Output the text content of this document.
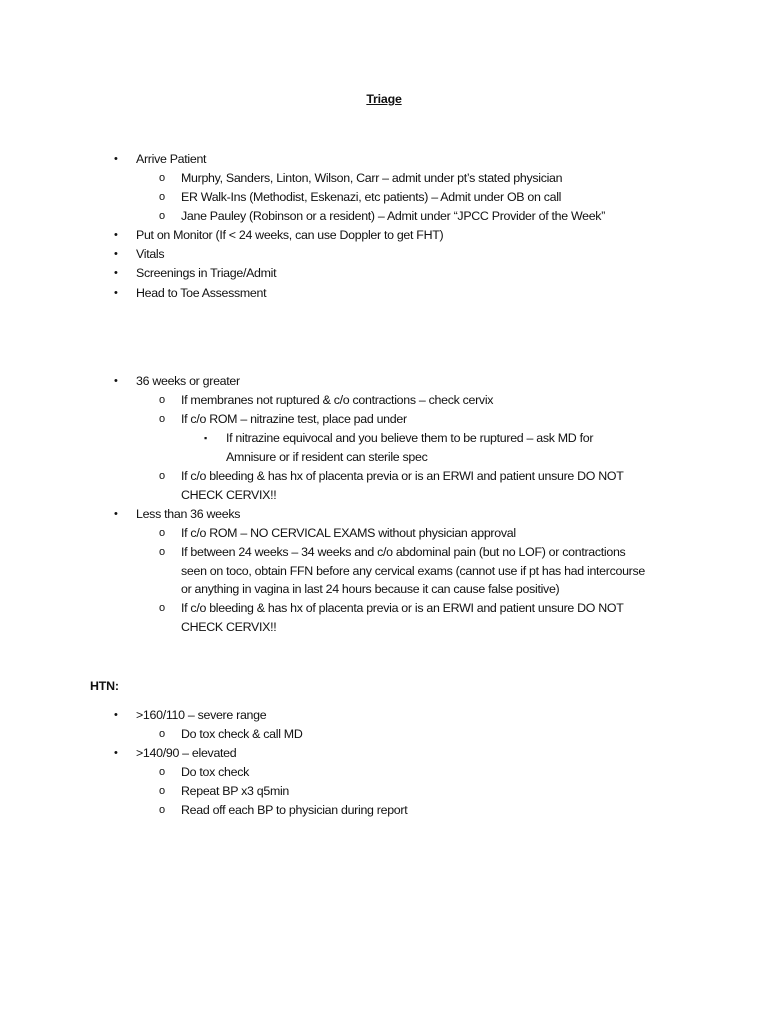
Triage
• Arrive Patient
o Murphy, Sanders, Linton, Wilson, Carr – admit under pt’s stated physician
o ER Walk-Ins (Methodist, Eskenazi, etc patients) – Admit under OB on call
o Jane Pauley (Robinson or a resident) – Admit under “JPCC Provider of the Week”
• Put on Monitor (If < 24 weeks, can use Doppler to get FHT)
• Vitals
• Screenings in Triage/Admit
• Head to Toe Assessment
• 36 weeks or greater
o If membranes not ruptured & c/o contractions – check cervix
o If c/o ROM – nitrazine test, place pad under
▪ If nitrazine equivocal and you believe them to be ruptured – ask MD for
Amnisure or if resident can sterile spec
o If c/o bleeding & has hx of placenta previa or is an ERWI and patient unsure DO NOT
CHECK CERVIX!!
• Less than 36 weeks
o If c/o ROM – NO CERVICAL EXAMS without physician approval
o If between 24 weeks – 34 weeks and c/o abdominal pain (but no LOF) or contractions
seen on toco, obtain FFN before any cervical exams (cannot use if pt has had intercourse
or anything in vagina in last 24 hours because it can cause false positive)
o If c/o bleeding & has hx of placenta previa or is an ERWI and patient unsure DO NOT
CHECK CERVIX!!
HTN:
• >160/110 – severe range
o Do tox check & call MD
• >140/90 – elevated
o Do tox check
o Repeat BP x3 q5min
o Read off each BP to physician during report
